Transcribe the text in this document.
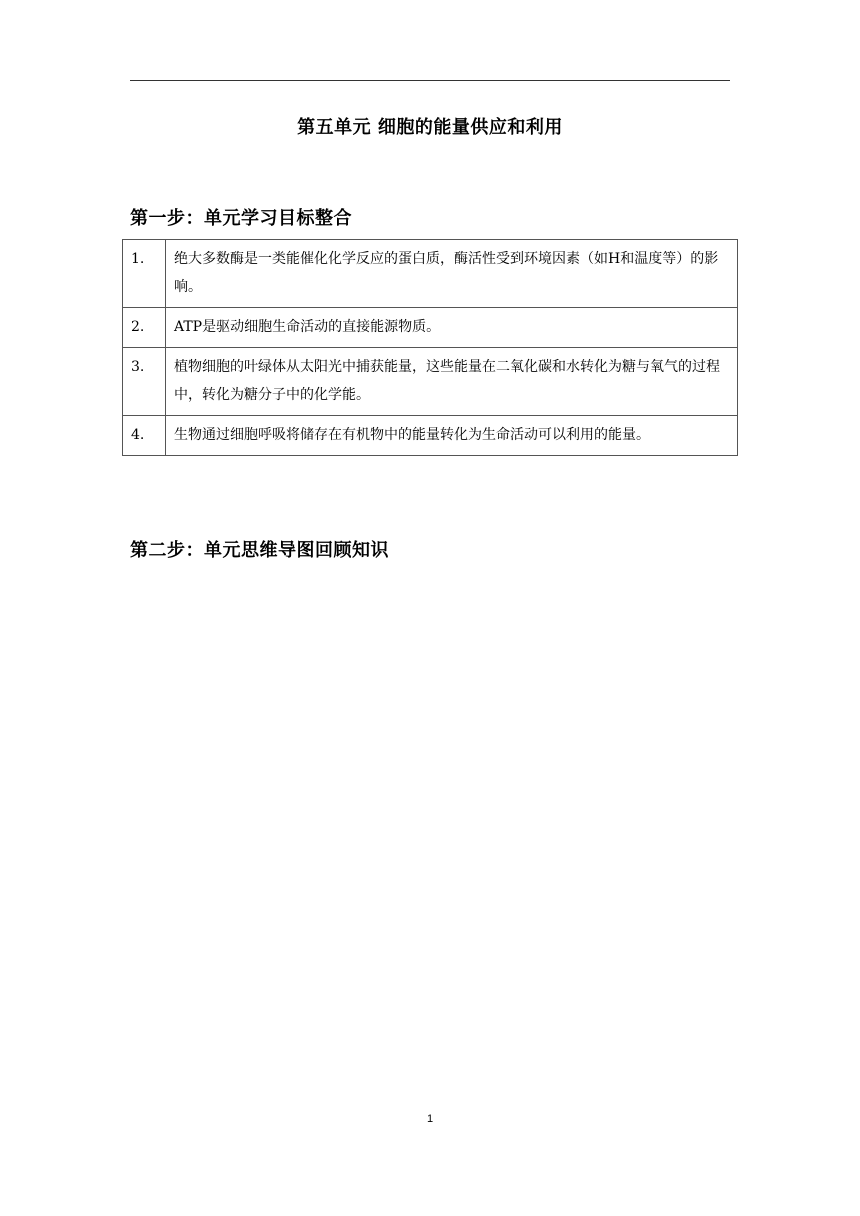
第五单元 细胞的能量供应和利用
第一步：单元学习目标整合
1.	绝大多数酶是一类能催化化学反应的蛋白质，酶活性受到环境因素（如H和温度等）的影响。
2.	ATP是驱动细胞生命活动的直接能源物质。
3.	植物细胞的叶绿体从太阳光中捕获能量，这些能量在二氧化碳和水转化为糖与氧气的过程中，转化为糖分子中的化学能。
4.	生物通过细胞呼吸将储存在有机物中的能量转化为生命活动可以利用的能量。
第二步：单元思维导图回顾知识
1
